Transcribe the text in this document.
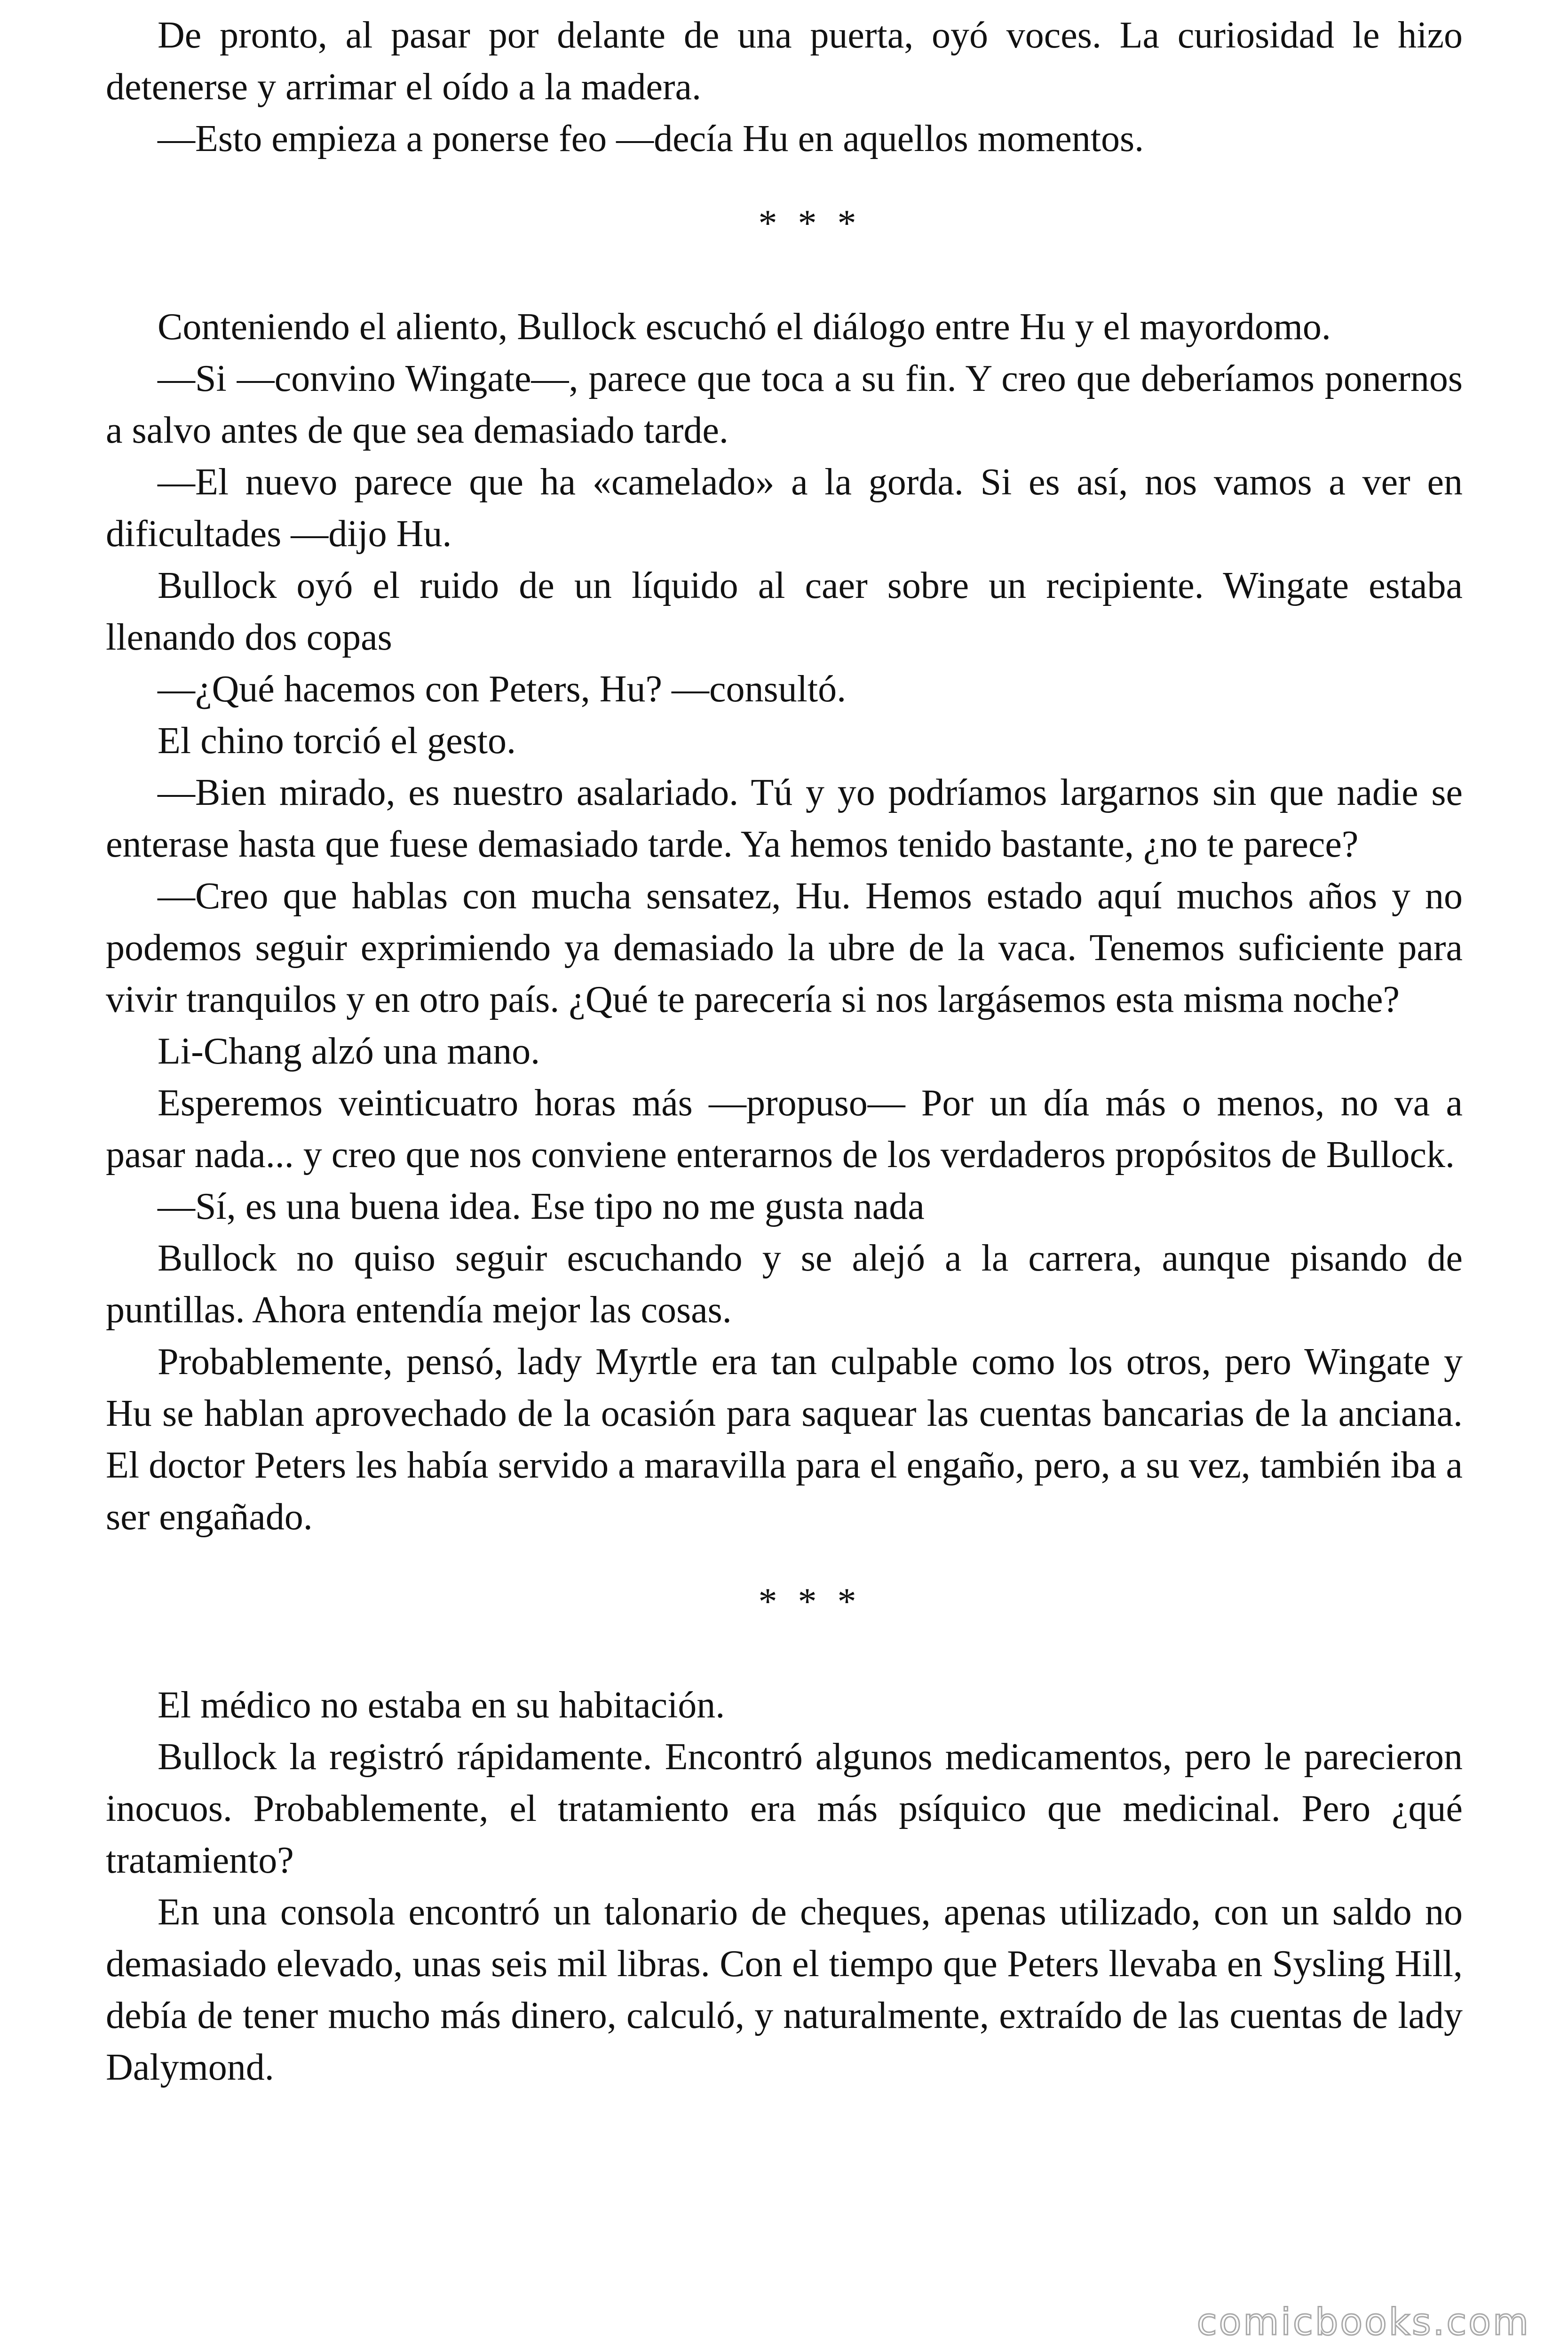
De pronto, al pasar por delante de una puerta, oyó voces. La curiosidad le hizo detenerse y arrimar el oído a la madera.

—Esto empieza a ponerse feo —decía Hu en aquellos momentos.

* * *

Conteniendo el aliento, Bullock escuchó el diálogo entre Hu y el mayordomo.

—Si —convino Wingate—, parece que toca a su fin. Y creo que deberíamos ponernos a salvo antes de que sea demasiado tarde.

—El nuevo parece que ha «camelado» a la gorda. Si es así, nos vamos a ver en dificultades —dijo Hu.

Bullock oyó el ruido de un líquido al caer sobre un recipiente. Wingate estaba llenando dos copas

—¿Qué hacemos con Peters, Hu? —consultó.

El chino torció el gesto.

—Bien mirado, es nuestro asalariado. Tú y yo podríamos largarnos sin que nadie se enterase hasta que fuese demasiado tarde. Ya hemos tenido bastante, ¿no te parece?

—Creo que hablas con mucha sensatez, Hu. Hemos estado aquí muchos años y no podemos seguir exprimiendo ya demasiado la ubre de la vaca. Tenemos suficiente para vivir tranquilos y en otro país. ¿Qué te parecería si nos largásemos esta misma noche?

Li-Chang alzó una mano.

Esperemos veinticuatro horas más —propuso— Por un día más o menos, no va a pasar nada... y creo que nos conviene enterarnos de los verdaderos propósitos de Bullock.

—Sí, es una buena idea. Ese tipo no me gusta nada

Bullock no quiso seguir escuchando y se alejó a la carrera, aunque pisando de puntillas. Ahora entendía mejor las cosas.

Probablemente, pensó, lady Myrtle era tan culpable como los otros, pero Wingate y Hu se hablan aprovechado de la ocasión para saquear las cuentas bancarias de la anciana. El doctor Peters les había servido a maravilla para el engaño, pero, a su vez, también iba a ser engañado.

* * *

El médico no estaba en su habitación.

Bullock la registró rápidamente. Encontró algunos medicamentos, pero le parecieron inocuos. Probablemente, el tratamiento era más psíquico que medicinal. Pero ¿qué tratamiento?

En una consola encontró un talonario de cheques, apenas utilizado, con un saldo no demasiado elevado, unas seis mil libras. Con el tiempo que Peters llevaba en Sysling Hill, debía de tener mucho más dinero, calculó, y naturalmente, extraído de las cuentas de lady Dalymond.

comicbooks.com
